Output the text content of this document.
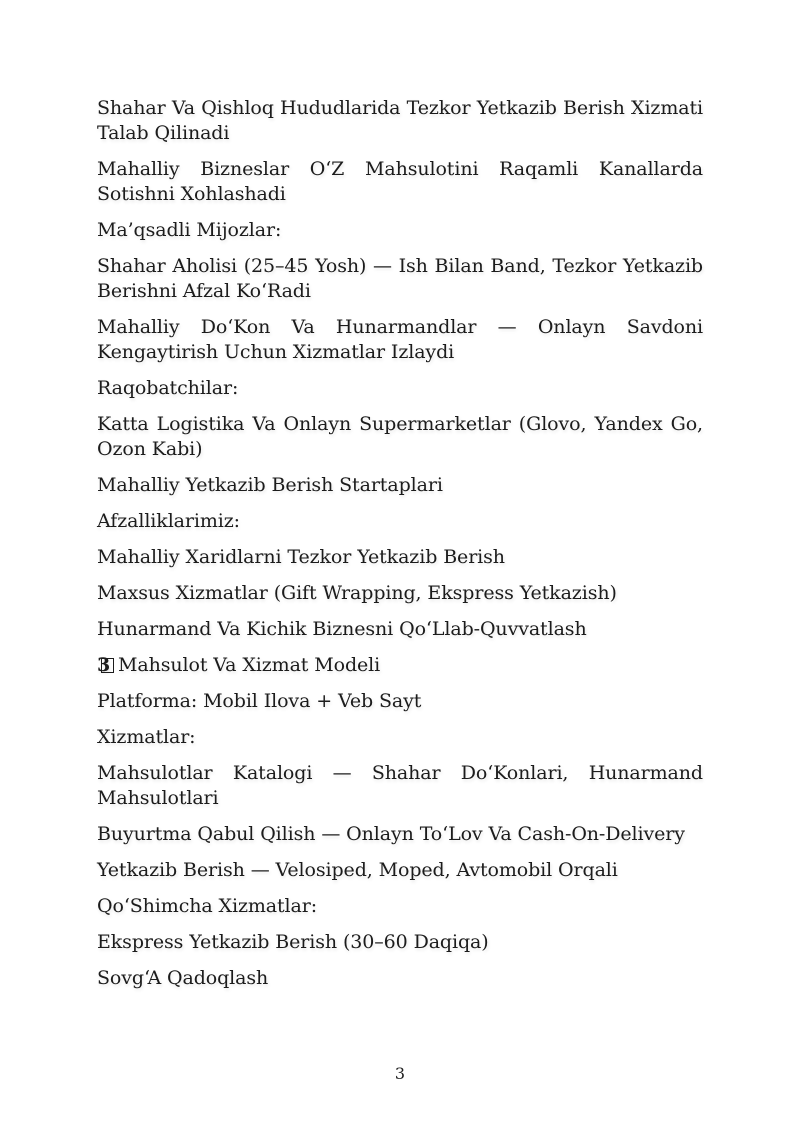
Shahar Va Qishloq Hududlarida Tezkor Yetkazib Berish Xizmati Talab Qilinadi

Mahalliy Bizneslar O‘Z Mahsulotini Raqamli Kanallarda Sotishni Xohlashadi

Ma’qsadli Mijozlar:

Shahar Aholisi (25–45 Yosh) — Ish Bilan Band, Tezkor Yetkazib Berishni Afzal Ko‘Radi

Mahalliy Do‘Kon Va Hunarmandlar — Onlayn Savdoni Kengaytirish Uchun Xizmatlar Izlaydi

Raqobatchilar:

Katta Logistika Va Onlayn Supermarketlar (Glovo, Yandex Go, Ozon Kabi)

Mahalliy Yetkazib Berish Startaplari

Afzalliklarimiz:

Mahalliy Xaridlarni Tezkor Yetkazib Berish

Maxsus Xizmatlar (Gift Wrapping, Ekspress Yetkazish)

Hunarmand Va Kichik Biznesni Qo‘Llab-Quvvatlash

3 Mahsulot Va Xizmat Modeli

Platforma: Mobil Ilova + Veb Sayt

Xizmatlar:

Mahsulotlar Katalogi — Shahar Do‘Konlari, Hunarmand Mahsulotlari

Buyurtma Qabul Qilish — Onlayn To‘Lov Va Cash-On-Delivery

Yetkazib Berish — Velosiped, Moped, Avtomobil Orqali

Qo‘Shimcha Xizmatlar:

Ekspress Yetkazib Berish (30–60 Daqiqa)

Sovg‘A Qadoqlash

3
